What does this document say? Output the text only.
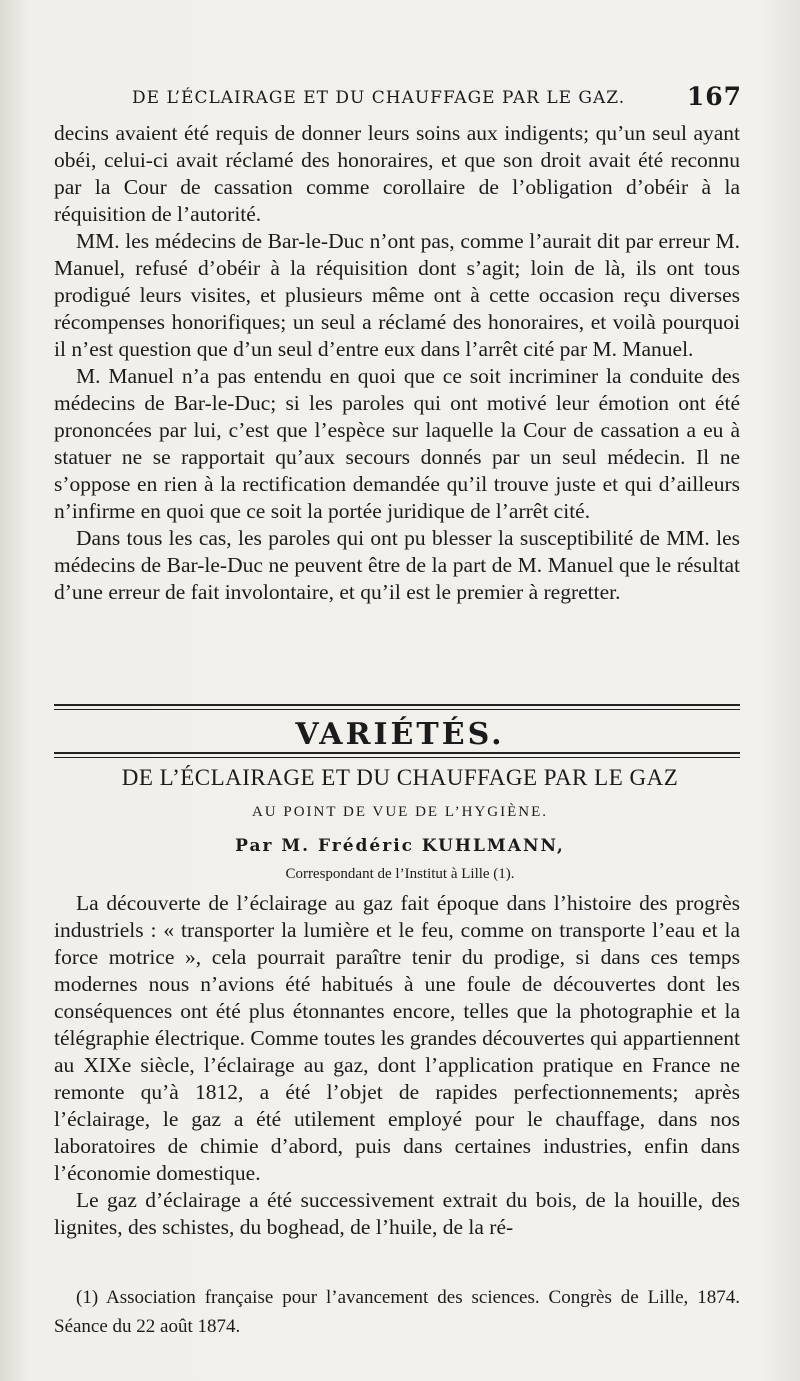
DE L’ÉCLAIRAGE ET DU CHAUFFAGE PAR LE GAZ. 167

decins avaient été requis de donner leurs soins aux indigents; qu’un seul ayant obéi, celui-ci avait réclamé des honoraires, et que son droit avait été reconnu par la Cour de cassation comme corollaire de l’obligation d’obéir à la réquisition de l’autorité.

MM. les médecins de Bar-le-Duc n’ont pas, comme l’aurait dit par erreur M. Manuel, refusé d’obéir à la réquisition dont s’agit; loin de là, ils ont tous prodigué leurs visites, et plusieurs même ont à cette occasion reçu diverses récompenses honorifiques; un seul a réclamé des honoraires, et voilà pourquoi il n’est question que d’un seul d’entre eux dans l’arrêt cité par M. Manuel.

M. Manuel n’a pas entendu en quoi que ce soit incriminer la conduite des médecins de Bar-le-Duc; si les paroles qui ont motivé leur émotion ont été prononcées par lui, c’est que l’espèce sur laquelle la Cour de cassation a eu à statuer ne se rapportait qu’aux secours donnés par un seul médecin. Il ne s’oppose en rien à la rectification demandée qu’il trouve juste et qui d’ailleurs n’infirme en quoi que ce soit la portée juridique de l’arrêt cité.

Dans tous les cas, les paroles qui ont pu blesser la susceptibilité de MM. les médecins de Bar-le-Duc ne peuvent être de la part de M. Manuel que le résultat d’une erreur de fait involontaire, et qu’il est le premier à regretter.

VARIÉTÉS.
DE L’ÉCLAIRAGE ET DU CHAUFFAGE PAR LE GAZ
AU POINT DE VUE DE L’HYGIÈNE.
Par M. Frédéric KUHLMANN,
Correspondant de l’Institut à Lille (1).

La découverte de l’éclairage au gaz fait époque dans l’histoire des progrès industriels : « transporter la lumière et le feu, comme on transporte l’eau et la force motrice », cela pourrait paraître tenir du prodige, si dans ces temps modernes nous n’avions été habitués à une foule de découvertes dont les conséquences ont été plus étonnantes encore, telles que la photographie et la télégraphie électrique. Comme toutes les grandes découvertes qui appartiennent au XIXe siècle, l’éclairage au gaz, dont l’application pratique en France ne remonte qu’à 1812, a été l’objet de rapides perfectionnements; après l’éclairage, le gaz a été utilement employé pour le chauffage, dans nos laboratoires de chimie d’abord, puis dans certaines industries, enfin dans l’économie domestique.

Le gaz d’éclairage a été successivement extrait du bois, de la houille, des lignites, des schistes, du boghead, de l’huile, de la ré-

(1) Association française pour l’avancement des sciences. Congrès de Lille, 1874. Séance du 22 août 1874.
